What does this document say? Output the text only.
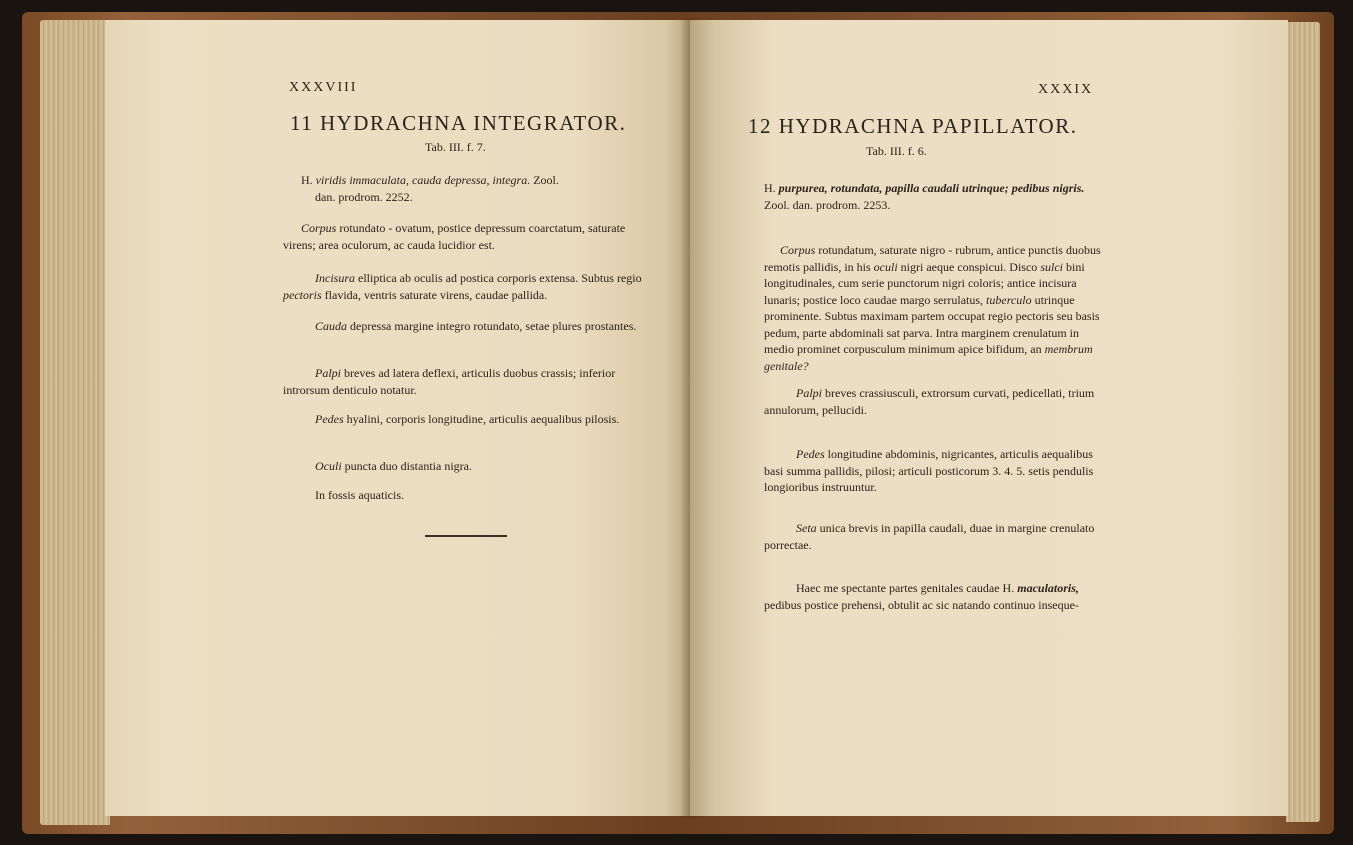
XXXVIII
11 HYDRACHNA INTEGRATOR.
Tab. III. f. 7.
H. viridis immaculata, cauda depressa, integra. Zool.
dan. prodrom. 2252.

Corpus rotundato - ovatum, postice depressum coarctatum, saturate virens; area oculorum, ac cauda lucidior est.

Incisura elliptica ab oculis ad postica corporis extensa. Subtus regio pectoris flavida, ventris saturate virens, caudae pallida.

Cauda depressa margine integro rotundato, setae plures prostantes.

Palpi breves ad latera deflexi, articulis duobus crassis; inferior introrsum denticulo notatur.

Pedes hyalini, corporis longitudine, articulis aequalibus pilosis.

Oculi puncta duo distantia nigra.

In fossis aquaticis.

XXXIX
12 HYDRACHNA PAPILLATOR.
Tab. III. f. 6.
H. purpurea, rotundata, papilla caudali utrinque; pedibus nigris. Zool. dan. prodrom. 2253.

Corpus rotundatum, saturate nigro - rubrum, antice punctis duobus remotis pallidis, in his oculi nigri aeque conspicui. Disco sulci bini longitudinales, cum serie punctorum nigri coloris; antice incisura lunaris; postice loco caudae margo serrulatus, tuberculo utrinque prominente. Subtus maximam partem occupat regio pectoris seu basis pedum, parte abdominali sat parva. Intra marginem crenulatum in medio prominet corpusculum minimum apice bifidum, an membrum genitale?

Palpi breves crassiusculi, extrorsum curvati, pedicellati, trium annulorum, pellucidi.

Pedes longitudine abdominis, nigricantes, articulis aequalibus basi summa pallidis, pilosi; articuli posticorum 3. 4. 5. setis pendulis longioribus instruuntur.

Seta unica brevis in papilla caudali, duae in margine crenulato porrectae.

Haec me spectante partes genitales caudae H. maculatoris, pedibus postice prehensi, obtulit ac sic natando continuo inseque-
